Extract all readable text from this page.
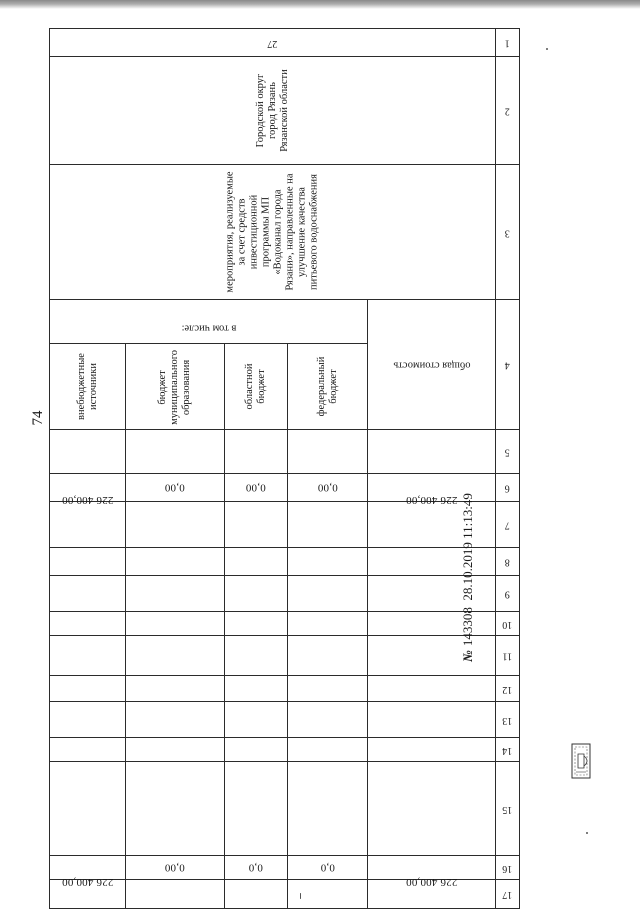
74
1	2	3	4		5	6	7	8	9	10	11	12	13	14	15	16	17	
27	Городской округ город Рязань Рязанской области	мероприятия, реализуемые за счет средств инвестиционной программы МП «Водоканал города Рязани», направленные на улучшение качества питьевого водоснабжения	общая стоимость			226 400,00										226 400,00		
			в том числе:	федеральный бюджет		0,00										0,0		
				областной бюджет		0,00										0,0		
				бюджет муниципального образования		0,00										0,00		
				внебюджетные источники		226 400,00										226 400,00		
№143308  28.10.2019 11:13:49
